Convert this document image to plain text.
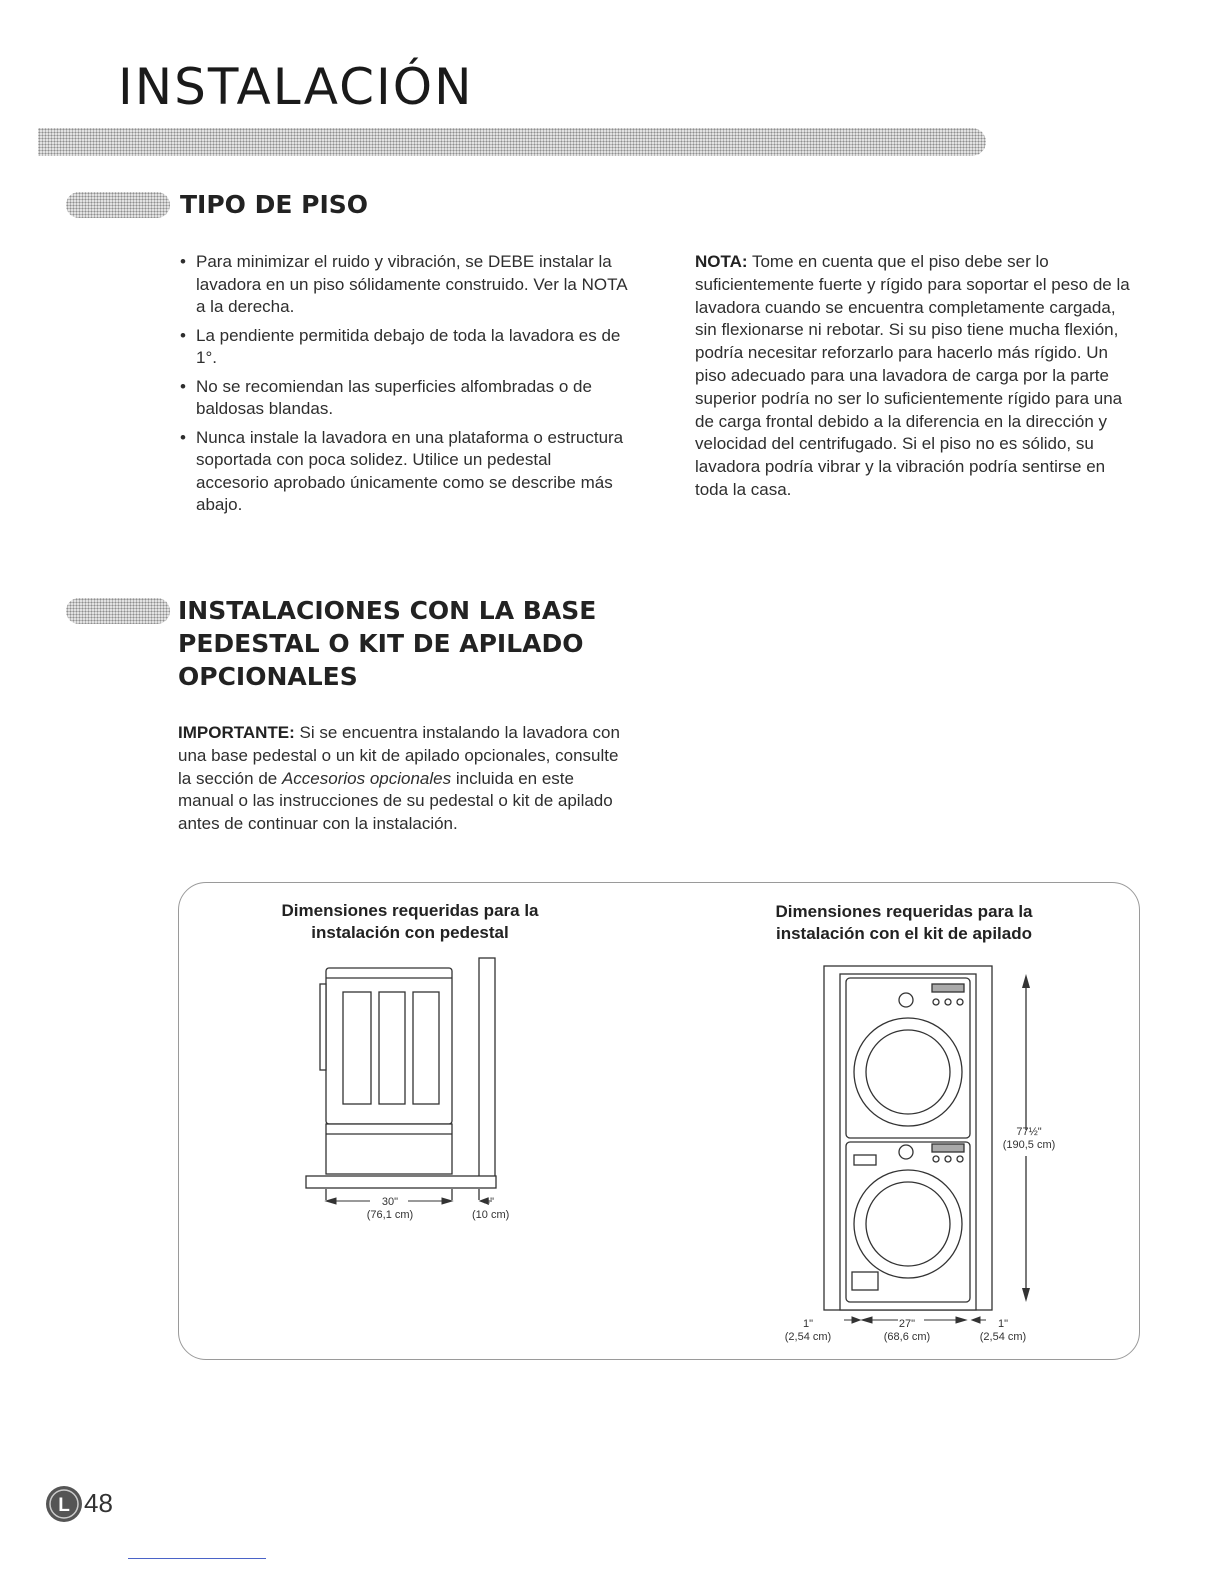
INSTALACIÓN
TIPO DE PISO
• Para minimizar el ruido y vibración, se DEBE instalar la lavadora en un piso sólidamente construido. Ver la NOTA a la derecha.
• La pendiente permitida debajo de toda la lavadora es de 1°.
• No se recomiendan las superficies alfombradas o de baldosas blandas.
• Nunca instale la lavadora en una plataforma o estructura soportada con poca solidez. Utilice un pedestal accesorio aprobado únicamente como se describe más abajo.

NOTA: Tome en cuenta que el piso debe ser lo suficientemente fuerte y rígido para soportar el peso de la lavadora cuando se encuentra completamente cargada, sin flexionarse ni rebotar. Si su piso tiene mucha flexión, podría necesitar reforzarlo para hacerlo más rígido. Un piso adecuado para una lavadora de carga por la parte superior podría no ser lo suficientemente rígido para una de carga frontal debido a la diferencia en la dirección y velocidad del centrifugado. Si el piso no es sólido, su lavadora podría vibrar y la vibración podría sentirse en toda la casa.

INSTALACIONES CON LA BASE
PEDESTAL O KIT DE APILADO
OPCIONALES

IMPORTANTE: Si se encuentra instalando la lavadora con una base pedestal o un kit de apilado opcionales, consulte la sección de Accesorios opcionales incluida en este manual o las instrucciones de su pedestal o kit de apilado antes de continuar con la instalación.

Dimensiones requeridas para la
instalación con pedestal
30"
(76,1 cm)
4"
(10 cm)
Dimensiones requeridas para la
instalación con el kit de apilado
77½"
(190,5 cm)
1"
(2,54 cm)
27"
(68,6 cm)
1"
(2,54 cm)
L 48
